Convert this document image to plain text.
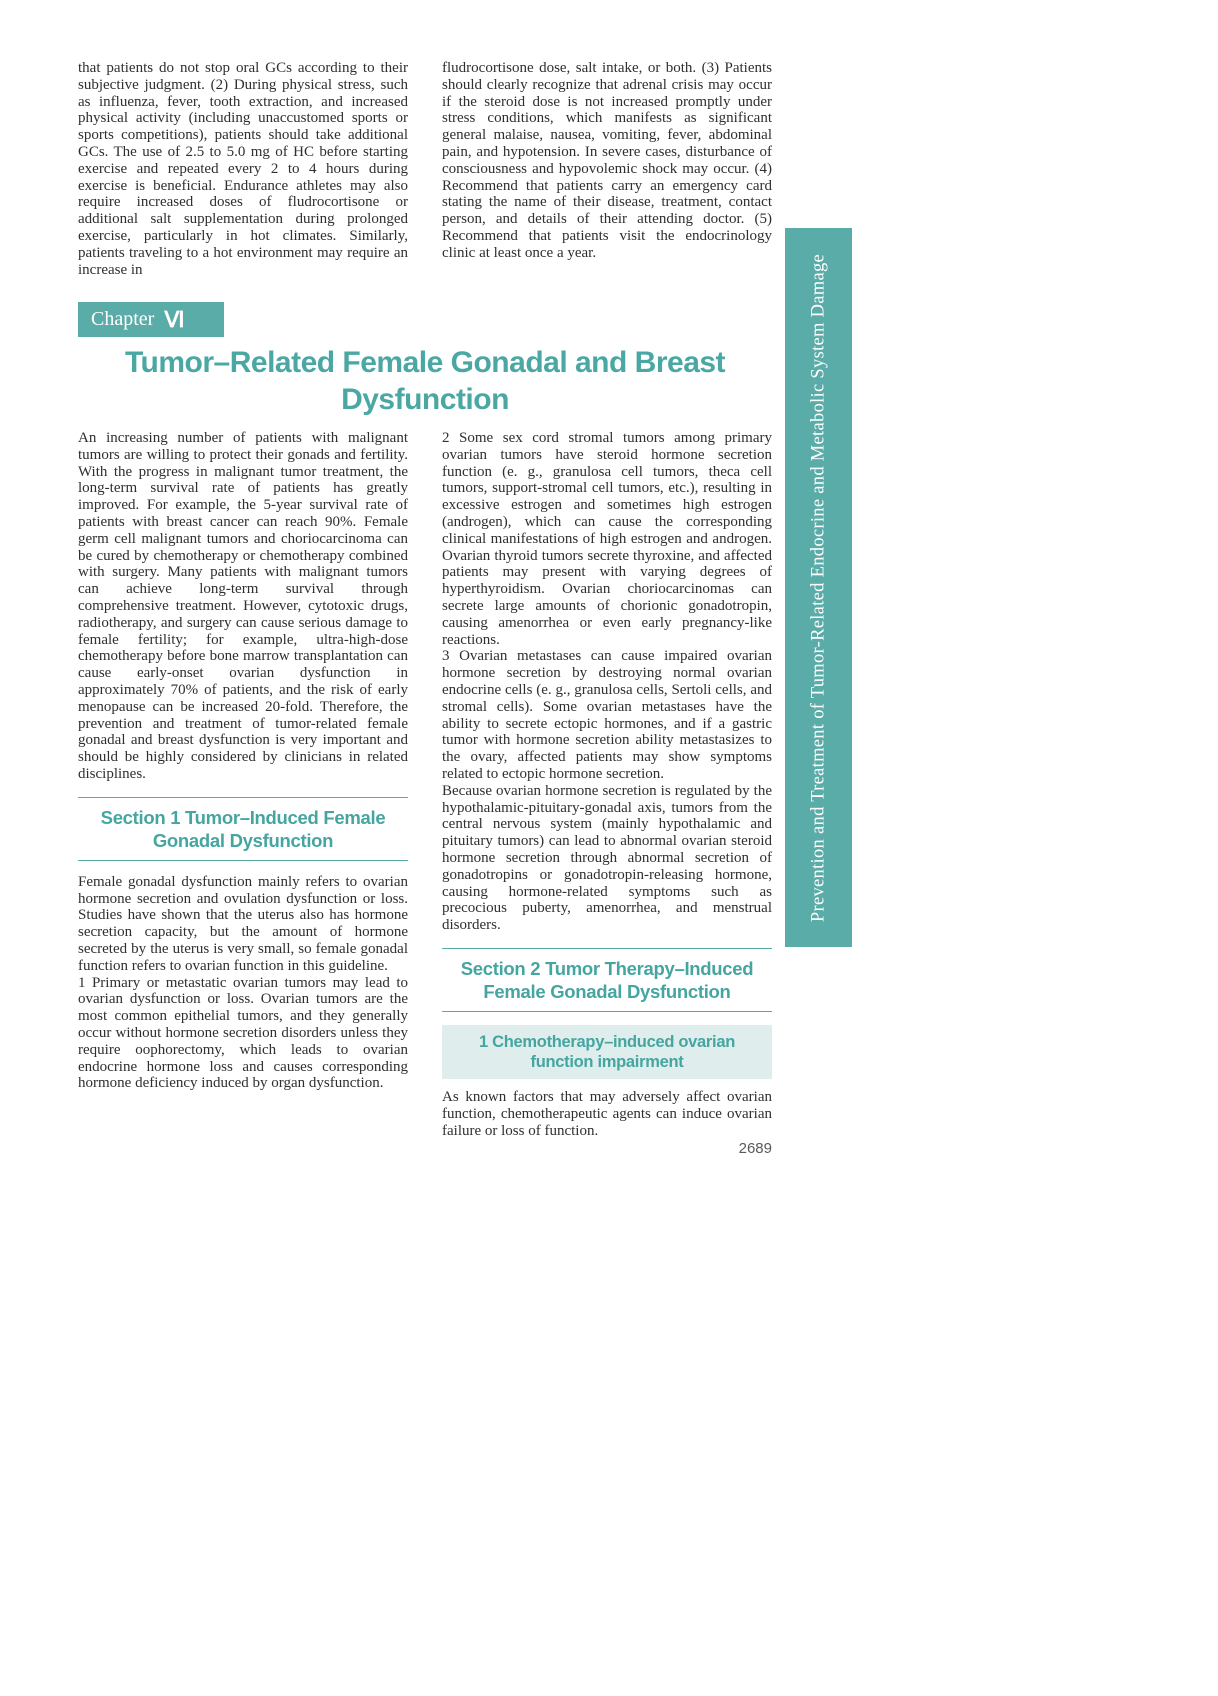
that patients do not stop oral GCs according to their subjective judgment. (2) During physical stress, such as influenza, fever, tooth extraction, and increased physical activity (including unaccustomed sports or sports competitions), patients should take additional GCs. The use of 2.5 to 5.0 mg of HC before starting exercise and repeated every 2 to 4 hours during exercise is beneficial. Endurance athletes may also require increased doses of fludrocortisone or additional salt supplementation during prolonged exercise, particularly in hot climates. Similarly, patients traveling to a hot environment may require an increase in

fludrocortisone dose, salt intake, or both. (3) Patients should clearly recognize that adrenal crisis may occur if the steroid dose is not increased promptly under stress conditions, which manifests as significant general malaise, nausea, vomiting, fever, abdominal pain, and hypotension. In severe cases, disturbance of consciousness and hypovolemic shock may occur. (4) Recommend that patients carry an emergency card stating the name of their disease, treatment, contact person, and details of their attending doctor. (5) Recommend that patients visit the endocrinology clinic at least once a year.

Chapter Ⅵ
Tumor–Related Female Gonadal and Breast Dysfunction

An increasing number of patients with malignant tumors are willing to protect their gonads and fertility. With the progress in malignant tumor treatment, the long-term survival rate of patients has greatly improved. For example, the 5-year survival rate of patients with breast cancer can reach 90%. Female germ cell malignant tumors and choriocarcinoma can be cured by chemotherapy or chemotherapy combined with surgery. Many patients with malignant tumors can achieve long-term survival through comprehensive treatment. However, cytotoxic drugs, radiotherapy, and surgery can cause serious damage to female fertility; for example, ultra-high-dose chemotherapy before bone marrow transplantation can cause early-onset ovarian dysfunction in approximately 70% of patients, and the risk of early menopause can be increased 20-fold. Therefore, the prevention and treatment of tumor-related female gonadal and breast dysfunction is very important and should be highly considered by clinicians in related disciplines.

Section 1 Tumor–Induced Female Gonadal Dysfunction

Female gonadal dysfunction mainly refers to ovarian hormone secretion and ovulation dysfunction or loss. Studies have shown that the uterus also has hormone secretion capacity, but the amount of hormone secreted by the uterus is very small, so female gonadal function refers to ovarian function in this guideline.

1 Primary or metastatic ovarian tumors may lead to ovarian dysfunction or loss. Ovarian tumors are the most common epithelial tumors, and they generally occur without hormone secretion disorders unless they require oophorectomy, which leads to ovarian endocrine hormone loss and causes corresponding hormone deficiency induced by organ dysfunction.

2 Some sex cord stromal tumors among primary ovarian tumors have steroid hormone secretion function (e. g., granulosa cell tumors, theca cell tumors, support-stromal cell tumors, etc.), resulting in excessive estrogen and sometimes high estrogen (androgen), which can cause the corresponding clinical manifestations of high estrogen and androgen. Ovarian thyroid tumors secrete thyroxine, and affected patients may present with varying degrees of hyperthyroidism. Ovarian choriocarcinomas can secrete large amounts of chorionic gonadotropin, causing amenorrhea or even early pregnancy-like reactions.

3 Ovarian metastases can cause impaired ovarian hormone secretion by destroying normal ovarian endocrine cells (e. g., granulosa cells, Sertoli cells, and stromal cells). Some ovarian metastases have the ability to secrete ectopic hormones, and if a gastric tumor with hormone secretion ability metastasizes to the ovary, affected patients may show symptoms related to ectopic hormone secretion.

Because ovarian hormone secretion is regulated by the hypothalamic-pituitary-gonadal axis, tumors from the central nervous system (mainly hypothalamic and pituitary tumors) can lead to abnormal ovarian steroid hormone secretion through abnormal secretion of gonadotropins or gonadotropin-releasing hormone, causing hormone-related symptoms such as precocious puberty, amenorrhea, and menstrual disorders.

Section 2 Tumor Therapy–Induced Female Gonadal Dysfunction
1 Chemotherapy–induced ovarian function impairment

As known factors that may adversely affect ovarian function, chemotherapeutic agents can induce ovarian failure or loss of function.

2689
Prevention and Treatment of Tumor-Related Endocrine and Metabolic System Damage
